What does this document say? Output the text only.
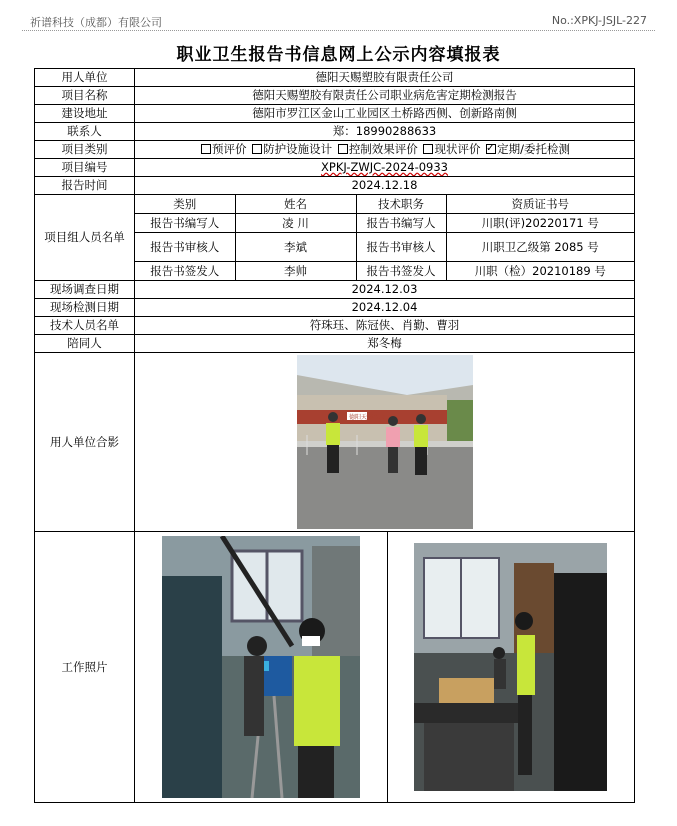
祈谱科技（成都）有限公司	No.:XPKJ-JSJL-227
职业卫生报告书信息网上公示内容填报表
用人单位	德阳天赐塑胶有限责任公司
项目名称	德阳天赐塑胶有限责任公司职业病危害定期检测报告
建设地址	德阳市罗江区金山工业园区土桥路西侧、创新路南侧
联系人	郑：18990288633
项目类别	预评价 防护设施设计 控制效果评价 现状评价 ✓ 定期/委托检测
项目编号	XPKJ-ZWJC-2024-0933
报告时间	2024.12.18
项目组人员名单	
类别	姓名	技术职务	资质证书号
报告书编写人	凌 川	报告书编写人	川职(评)20220171 号
报告书审核人	李斌	报告书审核人	川职卫乙级第 2085 号
报告书签发人	李帅	报告书签发人	川职（检）20210189 号

现场调查日期	2024.12.03
现场检测日期	2024.12.04
技术人员名单	符珠珏、陈冠侠、肖勤、曹羽
陪同人	郑冬梅
用人单位合影	
德阳天赐塑胶

工作照片	
